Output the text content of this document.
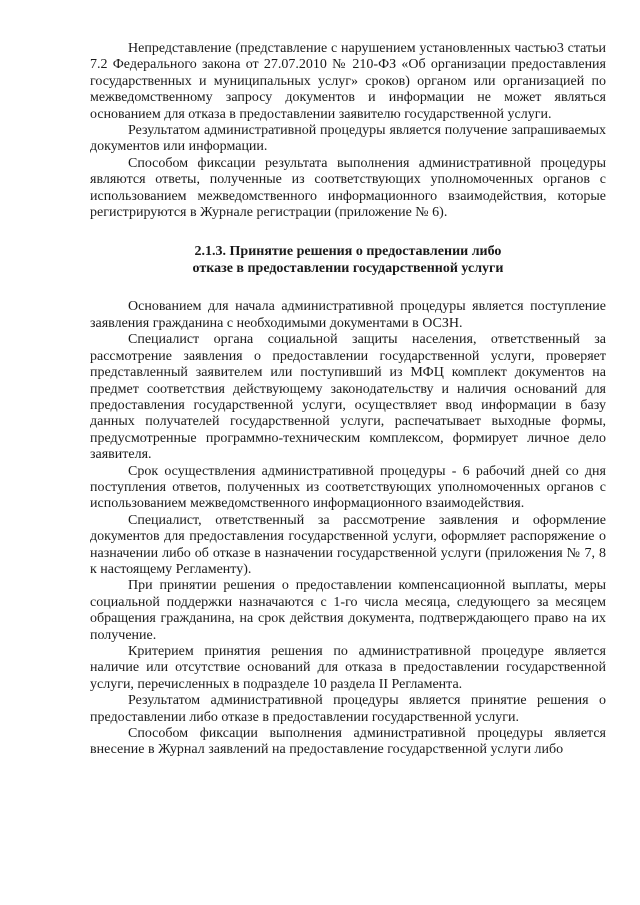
Непредставление (представление с нарушением установленных частью3 статьи 7.2 Федерального закона от 27.07.2010 № 210-ФЗ «Об организации предоставления государственных и муниципальных услуг» сроков) органом или организацией по межведомственному запросу документов и информации не может являться основанием для отказа в предоставлении заявителю государственной услуги.

Результатом административной процедуры является получение запрашиваемых документов или информации.

Способом фиксации результата выполнения административной процедуры являются ответы, полученные из соответствующих уполномоченных органов с использованием межведомственного информационного взаимодействия, которые регистрируются в Журнале регистрации (приложение № 6).

2.1.3. Принятие решения о предоставлении либо
отказе в предоставлении государственной услуги

Основанием для начала административной процедуры является поступление заявления гражданина с необходимыми документами в ОСЗН.

Специалист органа социальной защиты населения, ответственный за рассмотрение заявления о предоставлении государственной услуги, проверяет представленный заявителем или поступивший из МФЦ комплект документов на предмет соответствия действующему законодательству и наличия оснований для предоставления государственной услуги, осуществляет ввод информации в базу данных получателей государственной услуги, распечатывает выходные формы, предусмотренные программно-техническим комплексом, формирует личное дело заявителя.

Срок осуществления административной процедуры - 6 рабочий дней со дня поступления ответов, полученных из соответствующих уполномоченных органов с использованием межведомственного информационного взаимодействия.

Специалист, ответственный за рассмотрение заявления и оформление документов для предоставления государственной услуги, оформляет распоряжение о назначении либо об отказе в назначении государственной услуги (приложения № 7, 8 к настоящему Регламенту).

При принятии решения о предоставлении компенсационной выплаты, меры социальной поддержки назначаются с 1-го числа месяца, следующего за месяцем обращения гражданина, на срок действия документа, подтверждающего право на их получение.

Критерием принятия решения по административной процедуре является наличие или отсутствие оснований для отказа в предоставлении государственной услуги, перечисленных в подразделе 10 раздела II Регламента.

Результатом административной процедуры является принятие решения о предоставлении либо отказе в предоставлении государственной услуги.

Способом фиксации выполнения административной процедуры является внесение в Журнал заявлений на предоставление государственной услуги либо
